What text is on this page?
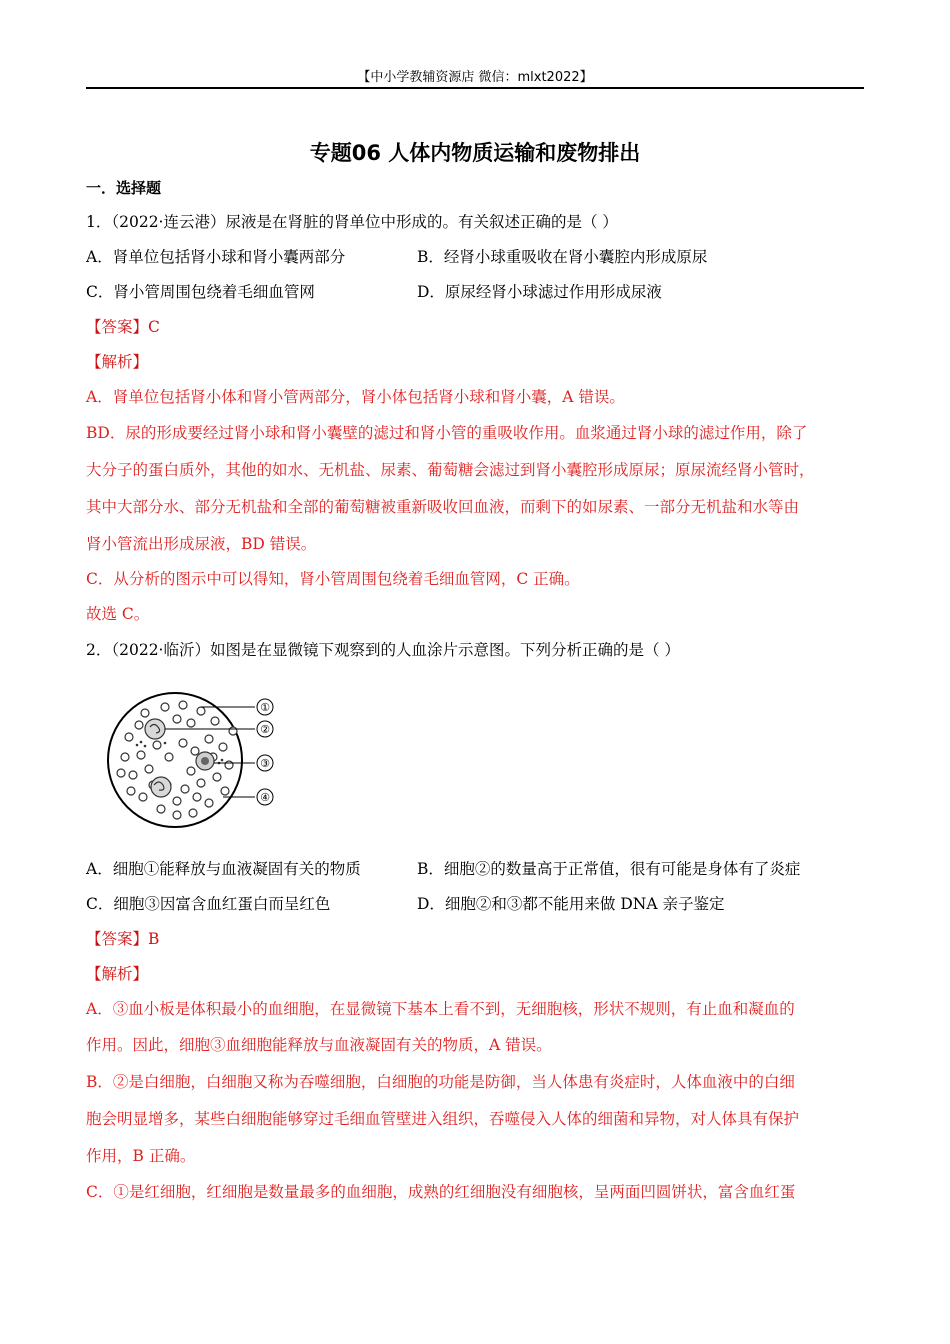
【中小学教辅资源店 微信：mlxt2022】
专题06 人体内物质运输和废物排出
一．选择题
1．（2022·连云港）尿液是在肾脏的肾单位中形成的。有关叙述正确的是（ ）
A．肾单位包括肾小球和肾小囊两部分	B．经肾小球重吸收在肾小囊腔内形成原尿
C．肾小管周围包绕着毛细血管网	D．原尿经肾小球滤过作用形成尿液
【答案】C
【解析】
A．肾单位包括肾小体和肾小管两部分，肾小体包括肾小球和肾小囊，A 错误。
BD．尿的形成要经过肾小球和肾小囊壁的滤过和肾小管的重吸收作用。血浆通过肾小球的滤过作用，除了
大分子的蛋白质外，其他的如水、无机盐、尿素、葡萄糖会滤过到肾小囊腔形成原尿；原尿流经肾小管时，
其中大部分水、部分无机盐和全部的葡萄糖被重新吸收回血液，而剩下的如尿素、一部分无机盐和水等由
肾小管流出形成尿液，BD 错误。
C．从分析的图示中可以得知，肾小管周围包绕着毛细血管网，C 正确。
故选 C。
2．（2022·临沂）如图是在显微镜下观察到的人血涂片示意图。下列分析正确的是（ ）
①
②
③
④
A．细胞①能释放与血液凝固有关的物质	B．细胞②的数量高于正常值，很有可能是身体有了炎症
C．细胞③因富含血红蛋白而呈红色	D．细胞②和③都不能用来做 DNA 亲子鉴定
【答案】B
【解析】
A．③血小板是体积最小的血细胞，在显微镜下基本上看不到，无细胞核，形状不规则，有止血和凝血的
作用。因此，细胞③血细胞能释放与血液凝固有关的物质，A 错误。
B．②是白细胞，白细胞又称为吞噬细胞，白细胞的功能是防御，当人体患有炎症时，人体血液中的白细
胞会明显增多，某些白细胞能够穿过毛细血管壁进入组织，吞噬侵入人体的细菌和异物，对人体具有保护
作用，B 正确。
C．①是红细胞，红细胞是数量最多的血细胞，成熟的红细胞没有细胞核，呈两面凹圆饼状，富含血红蛋
